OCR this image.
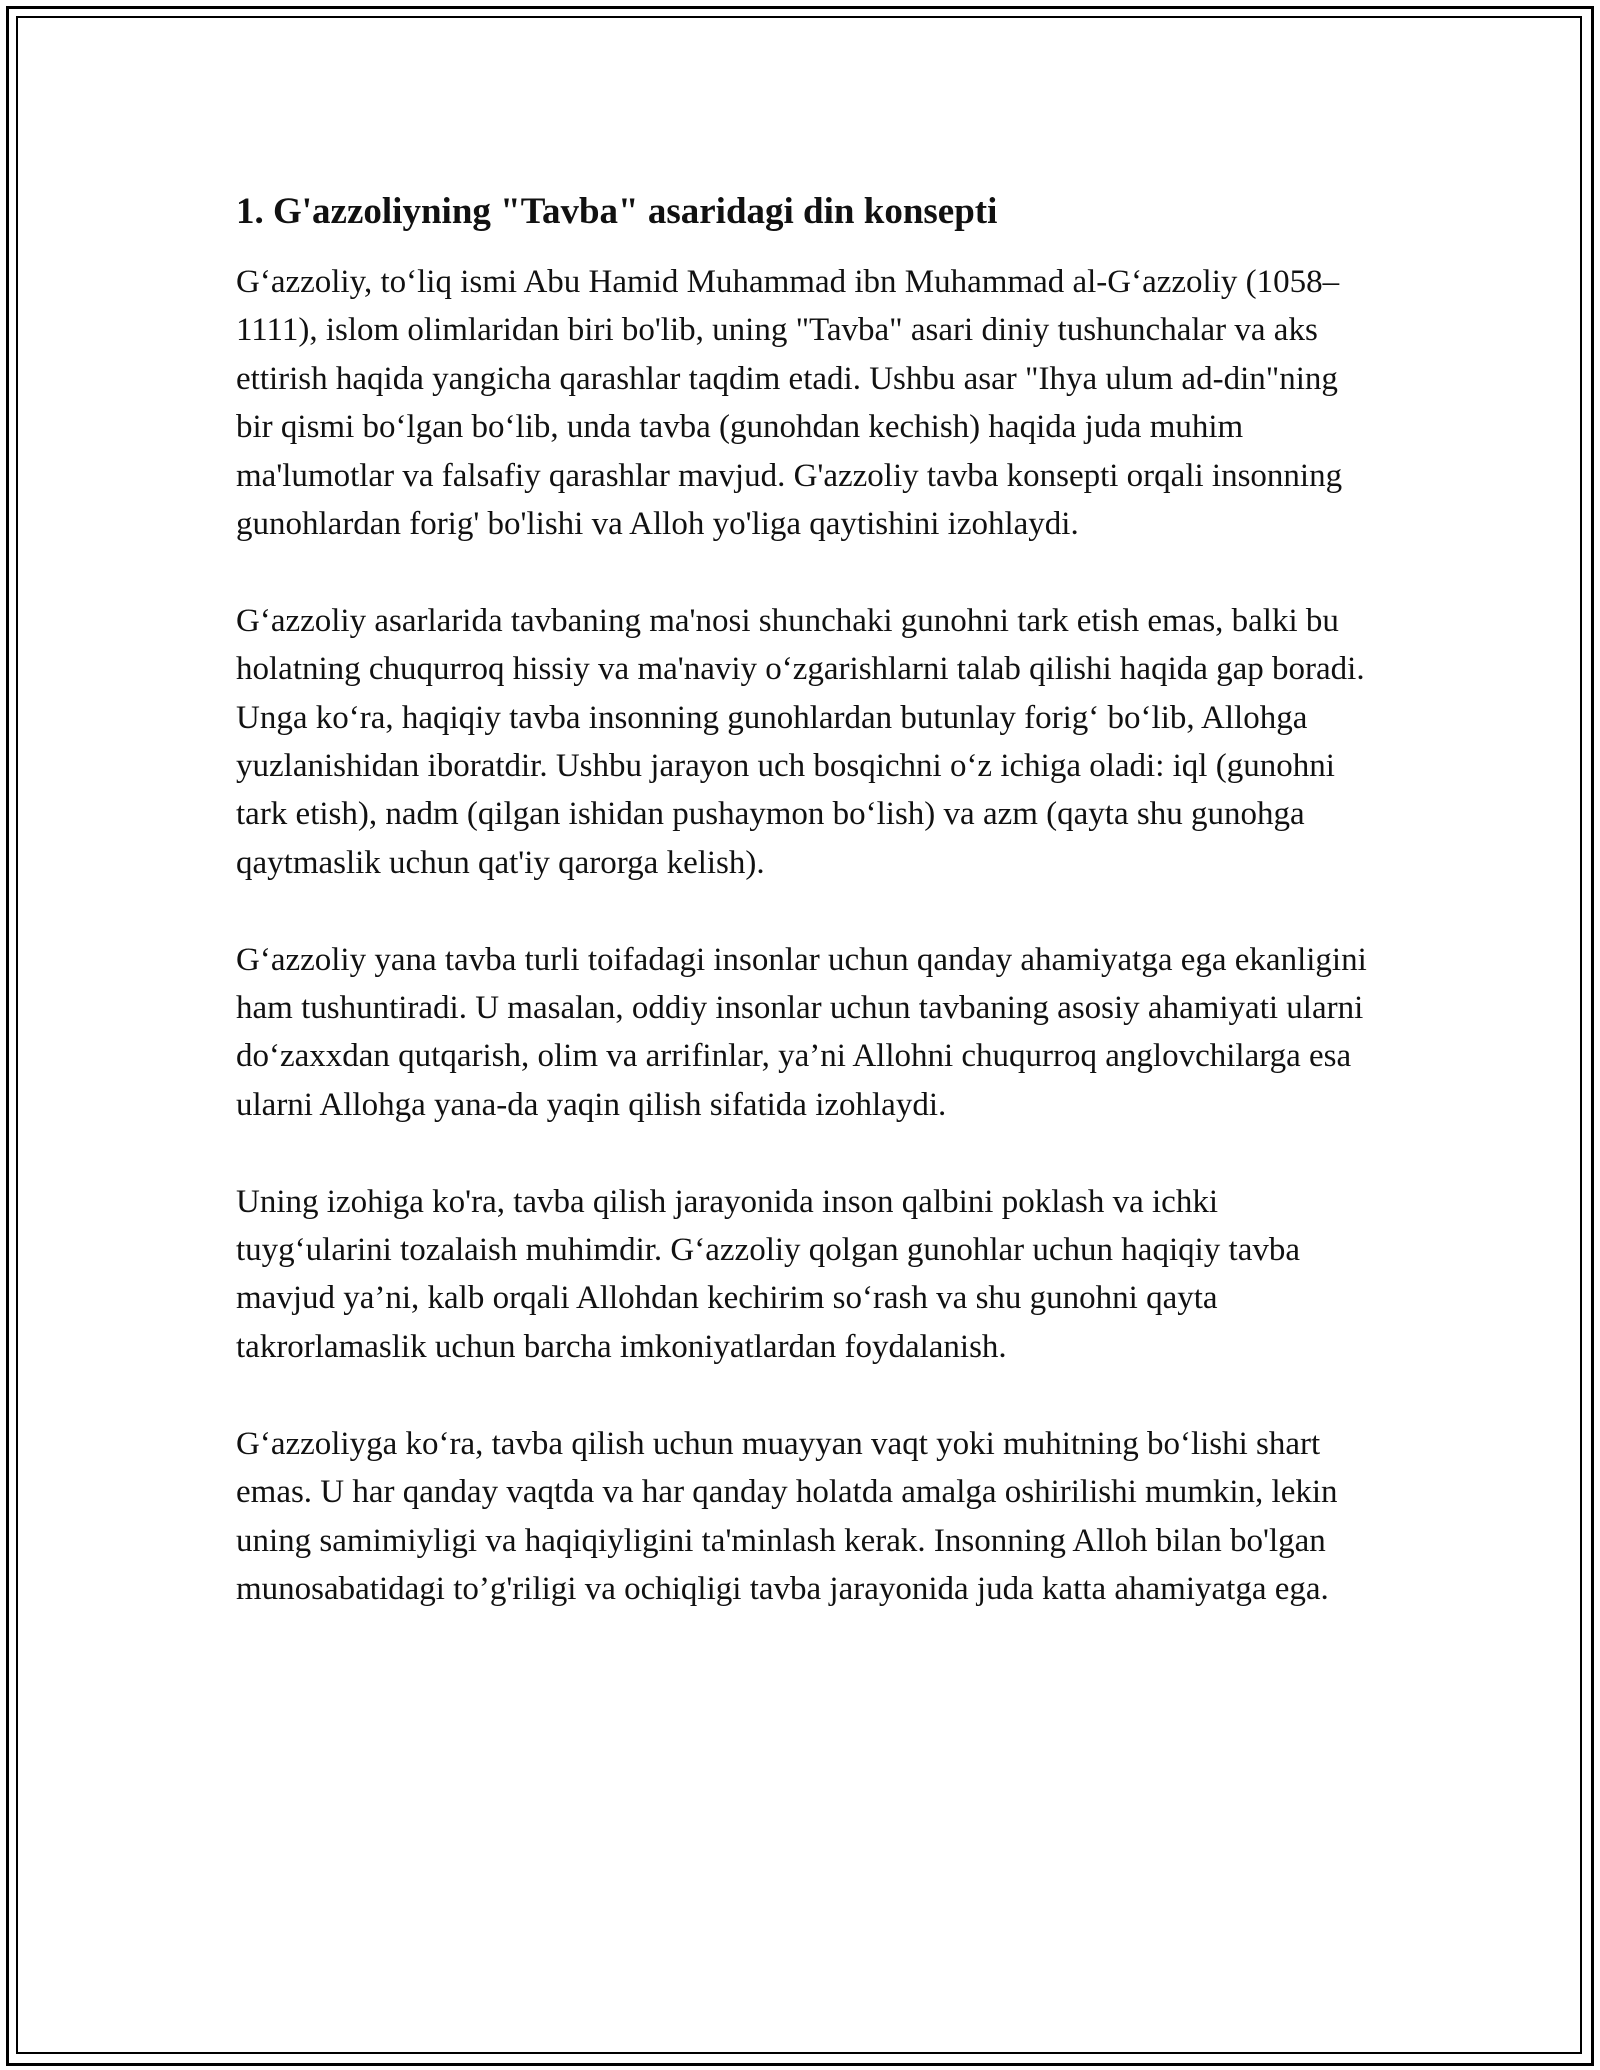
1. G'azzoliyning "Tavba" asaridagi din konsepti

G‘azzoliy, to‘liq ismi Abu Hamid Muhammad ibn Muhammad al-G‘azzoliy (1058–1111), islom olimlaridan biri bo'lib, uning "Tavba" asari diniy tushunchalar va aks ettirish haqida yangicha qarashlar taqdim etadi. Ushbu asar "Ihya ulum ad-din"ning bir qismi bo‘lgan bo‘lib, unda tavba (gunohdan kechish) haqida juda muhim ma'lumotlar va falsafiy qarashlar mavjud. G'azzoliy tavba konsepti orqali insonning gunohlardan forig' bo'lishi va Alloh yo'liga qaytishini izohlaydi.

G‘azzoliy asarlarida tavbaning ma'nosi shunchaki gunohni tark etish emas, balki bu holatning chuqurroq hissiy va ma'naviy o‘zgarishlarni talab qilishi haqida gap boradi. Unga ko‘ra, haqiqiy tavba insonning gunohlardan butunlay forig‘ bo‘lib, Allohga yuzlanishidan iboratdir. Ushbu jarayon uch bosqichni o‘z ichiga oladi: iql (gunohni tark etish), nadm (qilgan ishidan pushaymon bo‘lish) va azm (qayta shu gunohga qaytmaslik uchun qat'iy qarorga kelish).

G‘azzoliy yana tavba turli toifadagi insonlar uchun qanday ahamiyatga ega ekanligini ham tushuntiradi. U masalan, oddiy insonlar uchun tavbaning asosiy ahamiyati ularni do‘zaxxdan qutqarish, olim va arrifinlar, ya’ni Allohni chuqurroq anglovchilarga esa ularni Allohga yana-da yaqin qilish sifatida izohlaydi.

Uning izohiga ko'ra, tavba qilish jarayonida inson qalbini poklash va ichki tuyg‘ularini tozalaish muhimdir. G‘azzoliy qolgan gunohlar uchun haqiqiy tavba mavjud ya’ni, kalb orqali Allohdan kechirim so‘rash va shu gunohni qayta takrorlamaslik uchun barcha imkoniyatlardan foydalanish.

G‘azzoliyga ko‘ra, tavba qilish uchun muayyan vaqt yoki muhitning bo‘lishi shart emas. U har qanday vaqtda va har qanday holatda amalga oshirilishi mumkin, lekin uning samimiyligi va haqiqiyligini ta'minlash kerak. Insonning Alloh bilan bo'lgan munosabatidagi to’g'riligi va ochiqligi tavba jarayonida juda katta ahamiyatga ega.
